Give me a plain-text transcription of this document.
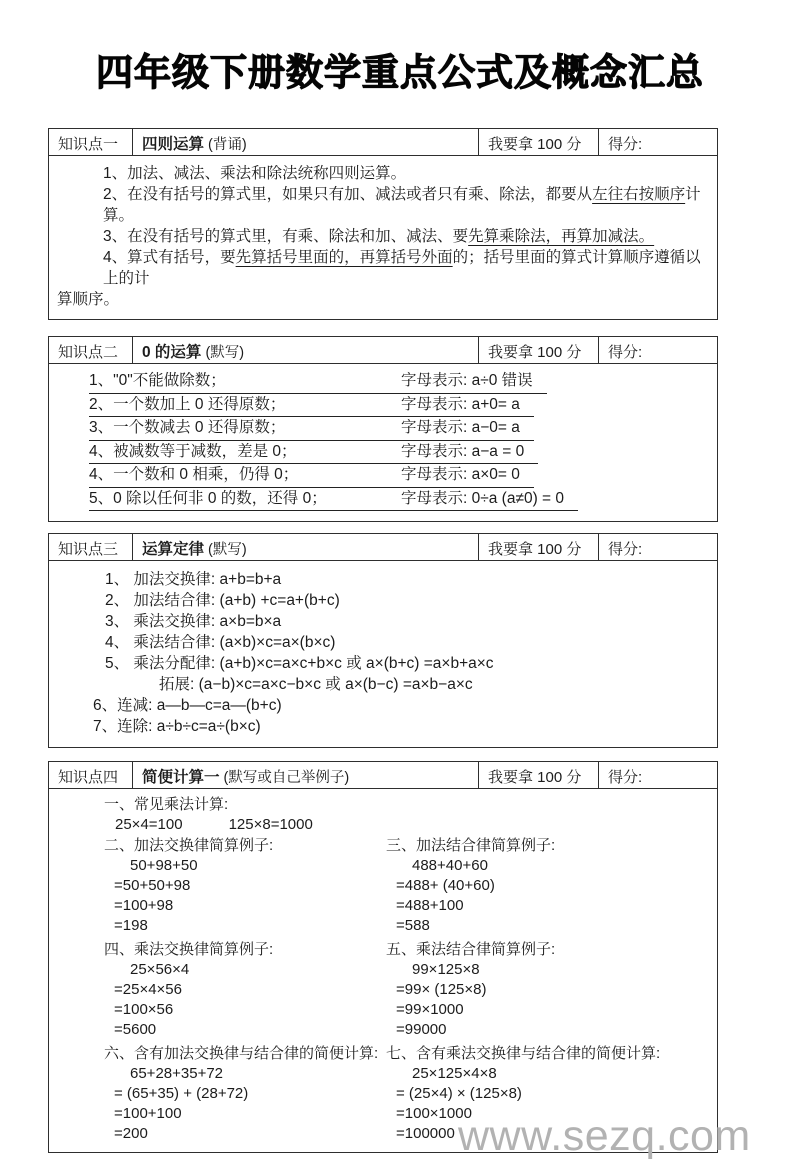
四年级下册数学重点公式及概念汇总
知识点一	四则运算 (背诵)	我要拿 100 分	得分:
1、加法、减法、乘法和除法统称四则运算。
2、在没有括号的算式里，如果只有加、减法或者只有乘、除法，都要从左往右按顺序计算。
3、在没有括号的算式里，有乘、除法和加、减法、要先算乘除法，再算加减法。
4、算式有括号，要先算括号里面的，再算括号外面的；括号里面的算式计算顺序遵循以上的计
算顺序。
知识点二	0 的运算 (默写)	我要拿 100 分	得分:
1、"0"不能做除数；	字母表示: a÷0 错误
2、一个数加上 0 还得原数；	字母表示: a+0= a
3、一个数减去 0 还得原数；	字母表示: a−0= a
4、被减数等于减数，差是 0；	字母表示: a−a = 0
4、一个数和 0 相乘，仍得 0；	字母表示: a×0= 0
5、0 除以任何非 0 的数，还得 0；	字母表示: 0÷a (a≠0) = 0
知识点三	运算定律 (默写)	我要拿 100 分	得分:
1、 加法交换律: a+b=b+a
2、 加法结合律: (a+b) +c=a+(b+c)
3、 乘法交换律: a×b=b×a
4、 乘法结合律: (a×b)×c=a×(b×c)
5、 乘法分配律: (a+b)×c=a×c+b×c 或 a×(b+c) =a×b+a×c
拓展: (a−b)×c=a×c−b×c 或 a×(b−c) =a×b−a×c
6、连减: a—b—c=a—(b+c)
7、连除: a÷b÷c=a÷(b×c)
知识点四	简便计算一 (默写或自己举例子)	我要拿 100 分	得分:
一、常见乘法计算:
25×4=100	125×8=1000
二、加法交换律简算例子:
50+98+50
=50+50+98
=100+98
=198
三、加法结合律简算例子:
488+40+60
=488+ (40+60)
=488+100
=588
四、乘法交换律简算例子:
25×56×4
=25×4×56
=100×56
=5600
五、乘法结合律简算例子:
99×125×8
=99× (125×8)
=99×1000
=99000
六、含有加法交换律与结合律的简便计算:
65+28+35+72
= (65+35) + (28+72)
=100+100
=200
七、含有乘法交换律与结合律的简便计算:
25×125×4×8
= (25×4) × (125×8)
=100×1000
=100000 www.sezq.com
